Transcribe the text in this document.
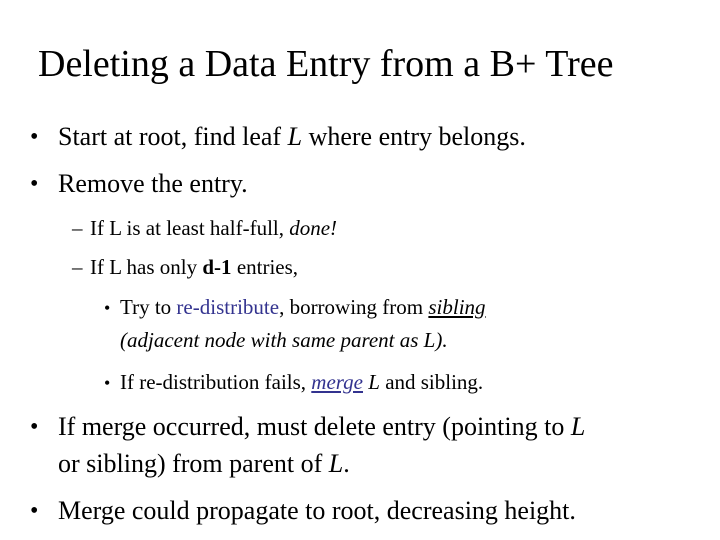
Deleting a Data Entry from a B+ Tree
• Start at root, find leaf L where entry belongs.
• Remove the entry.
– If L is at least half-full, done!
– If L has only d-1 entries,
• Try to re-distribute, borrowing from sibling
(adjacent node with same parent as L).
• If re-distribution fails, merge L and sibling.
• If merge occurred, must delete entry (pointing to L
or sibling) from parent of L.
• Merge could propagate to root, decreasing height.
